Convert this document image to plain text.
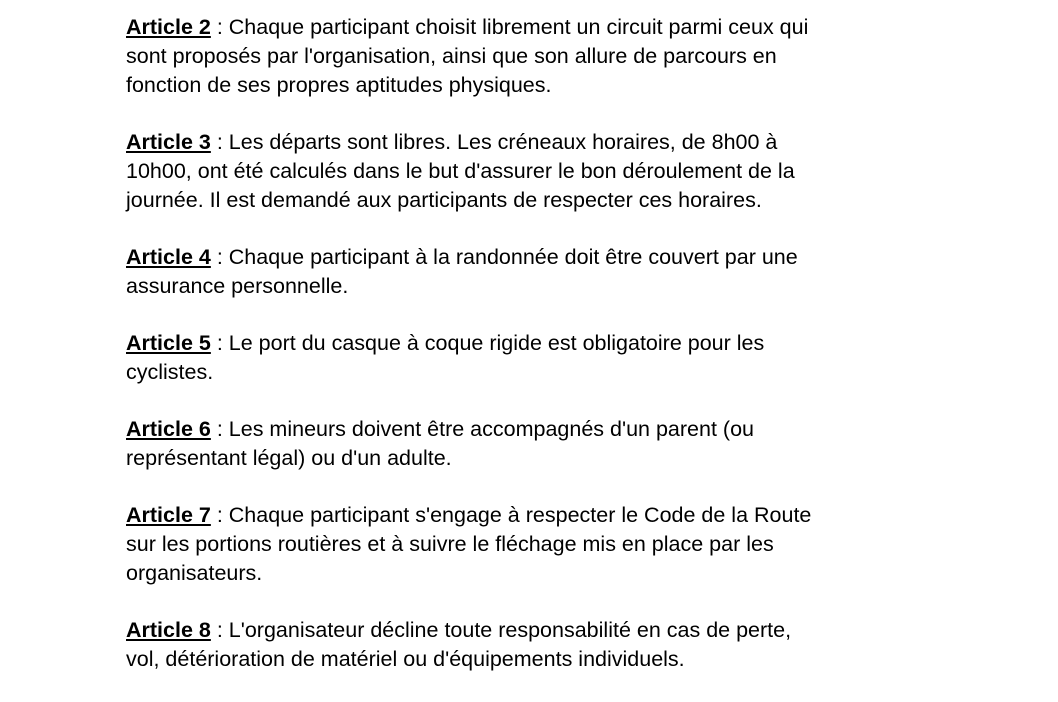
Article 2 : Chaque participant choisit librement un circuit parmi ceux qui
sont proposés par l'organisation, ainsi que son allure de parcours en
fonction de ses propres aptitudes physiques.

Article 3 : Les départs sont libres. Les créneaux horaires, de 8h00 à
10h00, ont été calculés dans le but d'assurer le bon déroulement de la
journée. Il est demandé aux participants de respecter ces horaires.

Article 4 : Chaque participant à la randonnée doit être couvert par une
assurance personnelle.

Article 5 : Le port du casque à coque rigide est obligatoire pour les
cyclistes.

Article 6 : Les mineurs doivent être accompagnés d'un parent (ou
représentant légal) ou d'un adulte.

Article 7 : Chaque participant s'engage à respecter le Code de la Route
sur les portions routières et à suivre le fléchage mis en place par les
organisateurs.

Article 8 : L'organisateur décline toute responsabilité en cas de perte,
vol, détérioration de matériel ou d'équipements individuels.
